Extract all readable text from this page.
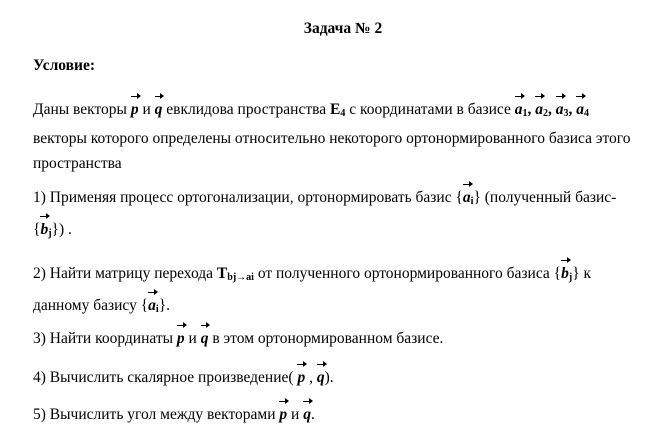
Задача № 2
Условие:
Даны векторы p и q евклидова пространства $E_4$ с координатами в базисе $a_1$, $a_2$, $a_3$, $a_4$
векторы которого определены относительно некоторого ортонормированного базиса этого
пространства
1) Применяя процесс ортогонализации, ортонормировать базис $\{a_i\}$ (полученный базис-
$\{b_j\}$) .
2) Найти матрицу перехода $T_{bj\to ai}$ от полученного ортонормированного базиса $\{b_j\}$ к
данному базису $\{a_i\}$.
3) Найти координаты p и q в этом ортонормированном базисе.
4) Вычислить скалярное произведение( p , q).
5) Вычислить угол между векторами p и q.
